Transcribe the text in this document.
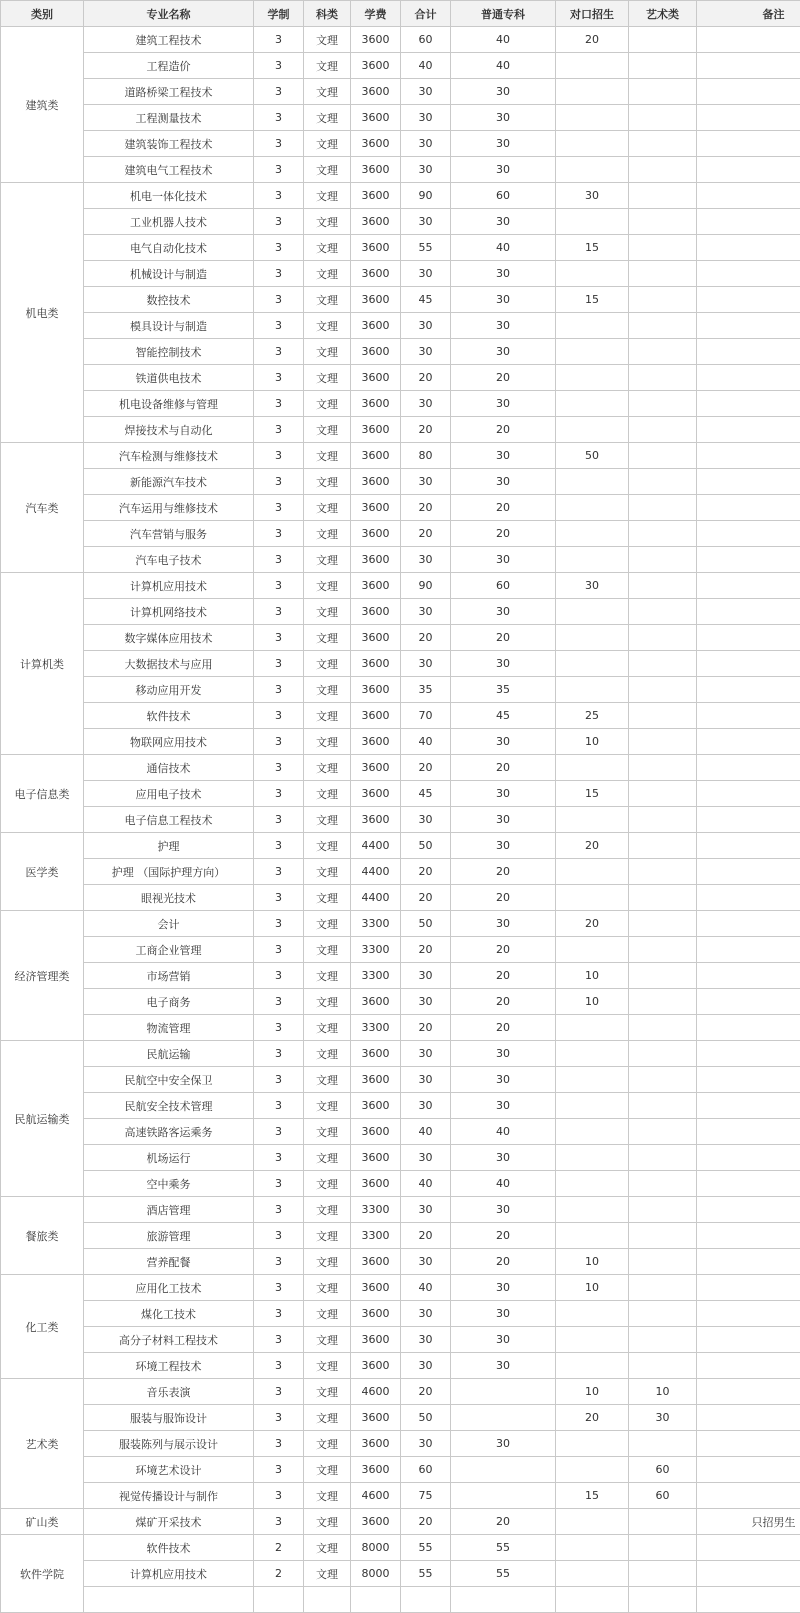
类别	专业名称	学制	科类	学费	合计	普通专科	对口招生	艺术类	备注
建筑类	建筑工程技术	3	文理	3600	60	40	20		
	工程造价	3	文理	3600	40	40			
	道路桥梁工程技术	3	文理	3600	30	30			
	工程测量技术	3	文理	3600	30	30			
	建筑装饰工程技术	3	文理	3600	30	30			
	建筑电气工程技术	3	文理	3600	30	30			
机电类	机电一体化技术	3	文理	3600	90	60	30		
	工业机器人技术	3	文理	3600	30	30			
	电气自动化技术	3	文理	3600	55	40	15		
	机械设计与制造	3	文理	3600	30	30			
	数控技术	3	文理	3600	45	30	15		
	模具设计与制造	3	文理	3600	30	30			
	智能控制技术	3	文理	3600	30	30			
	铁道供电技术	3	文理	3600	20	20			
	机电设备维修与管理	3	文理	3600	30	30			
	焊接技术与自动化	3	文理	3600	20	20			
汽车类	汽车检测与维修技术	3	文理	3600	80	30	50		
	新能源汽车技术	3	文理	3600	30	30			
	汽车运用与维修技术	3	文理	3600	20	20			
	汽车营销与服务	3	文理	3600	20	20			
	汽车电子技术	3	文理	3600	30	30			
计算机类	计算机应用技术	3	文理	3600	90	60	30		
	计算机网络技术	3	文理	3600	30	30			
	数字媒体应用技术	3	文理	3600	20	20			
	大数据技术与应用	3	文理	3600	30	30			
	移动应用开发	3	文理	3600	35	35			
	软件技术	3	文理	3600	70	45	25		
	物联网应用技术	3	文理	3600	40	30	10		
电子信息类	通信技术	3	文理	3600	20	20			
	应用电子技术	3	文理	3600	45	30	15		
	电子信息工程技术	3	文理	3600	30	30			
医学类	护理	3	文理	4400	50	30	20		
	护理 （国际护理方向）	3	文理	4400	20	20			
	眼视光技术	3	文理	4400	20	20			
经济管理类	会计	3	文理	3300	50	30	20		
	工商企业管理	3	文理	3300	20	20			
	市场营销	3	文理	3300	30	20	10		
	电子商务	3	文理	3600	30	20	10		
	物流管理	3	文理	3300	20	20			
民航运输类	民航运输	3	文理	3600	30	30			
	民航空中安全保卫	3	文理	3600	30	30			
	民航安全技术管理	3	文理	3600	30	30			
	高速铁路客运乘务	3	文理	3600	40	40			
	机场运行	3	文理	3600	30	30			
	空中乘务	3	文理	3600	40	40			
餐旅类	酒店管理	3	文理	3300	30	30			
	旅游管理	3	文理	3300	20	20			
	营养配餐	3	文理	3600	30	20	10		
化工类	应用化工技术	3	文理	3600	40	30	10		
	煤化工技术	3	文理	3600	30	30			
	高分子材料工程技术	3	文理	3600	30	30			
	环境工程技术	3	文理	3600	30	30			
艺术类	音乐表演	3	文理	4600	20		10	10	
	服装与服饰设计	3	文理	3600	50		20	30	
	服装陈列与展示设计	3	文理	3600	30	30			
	环境艺术设计	3	文理	3600	60			60	
	视觉传播设计与制作	3	文理	4600	75		15	60	
矿山类	煤矿开采技术	3	文理	3600	20	20			只招男生
软件学院	软件技术	2	文理	8000	55	55			
	计算机应用技术	2	文理	8000	55	55			
